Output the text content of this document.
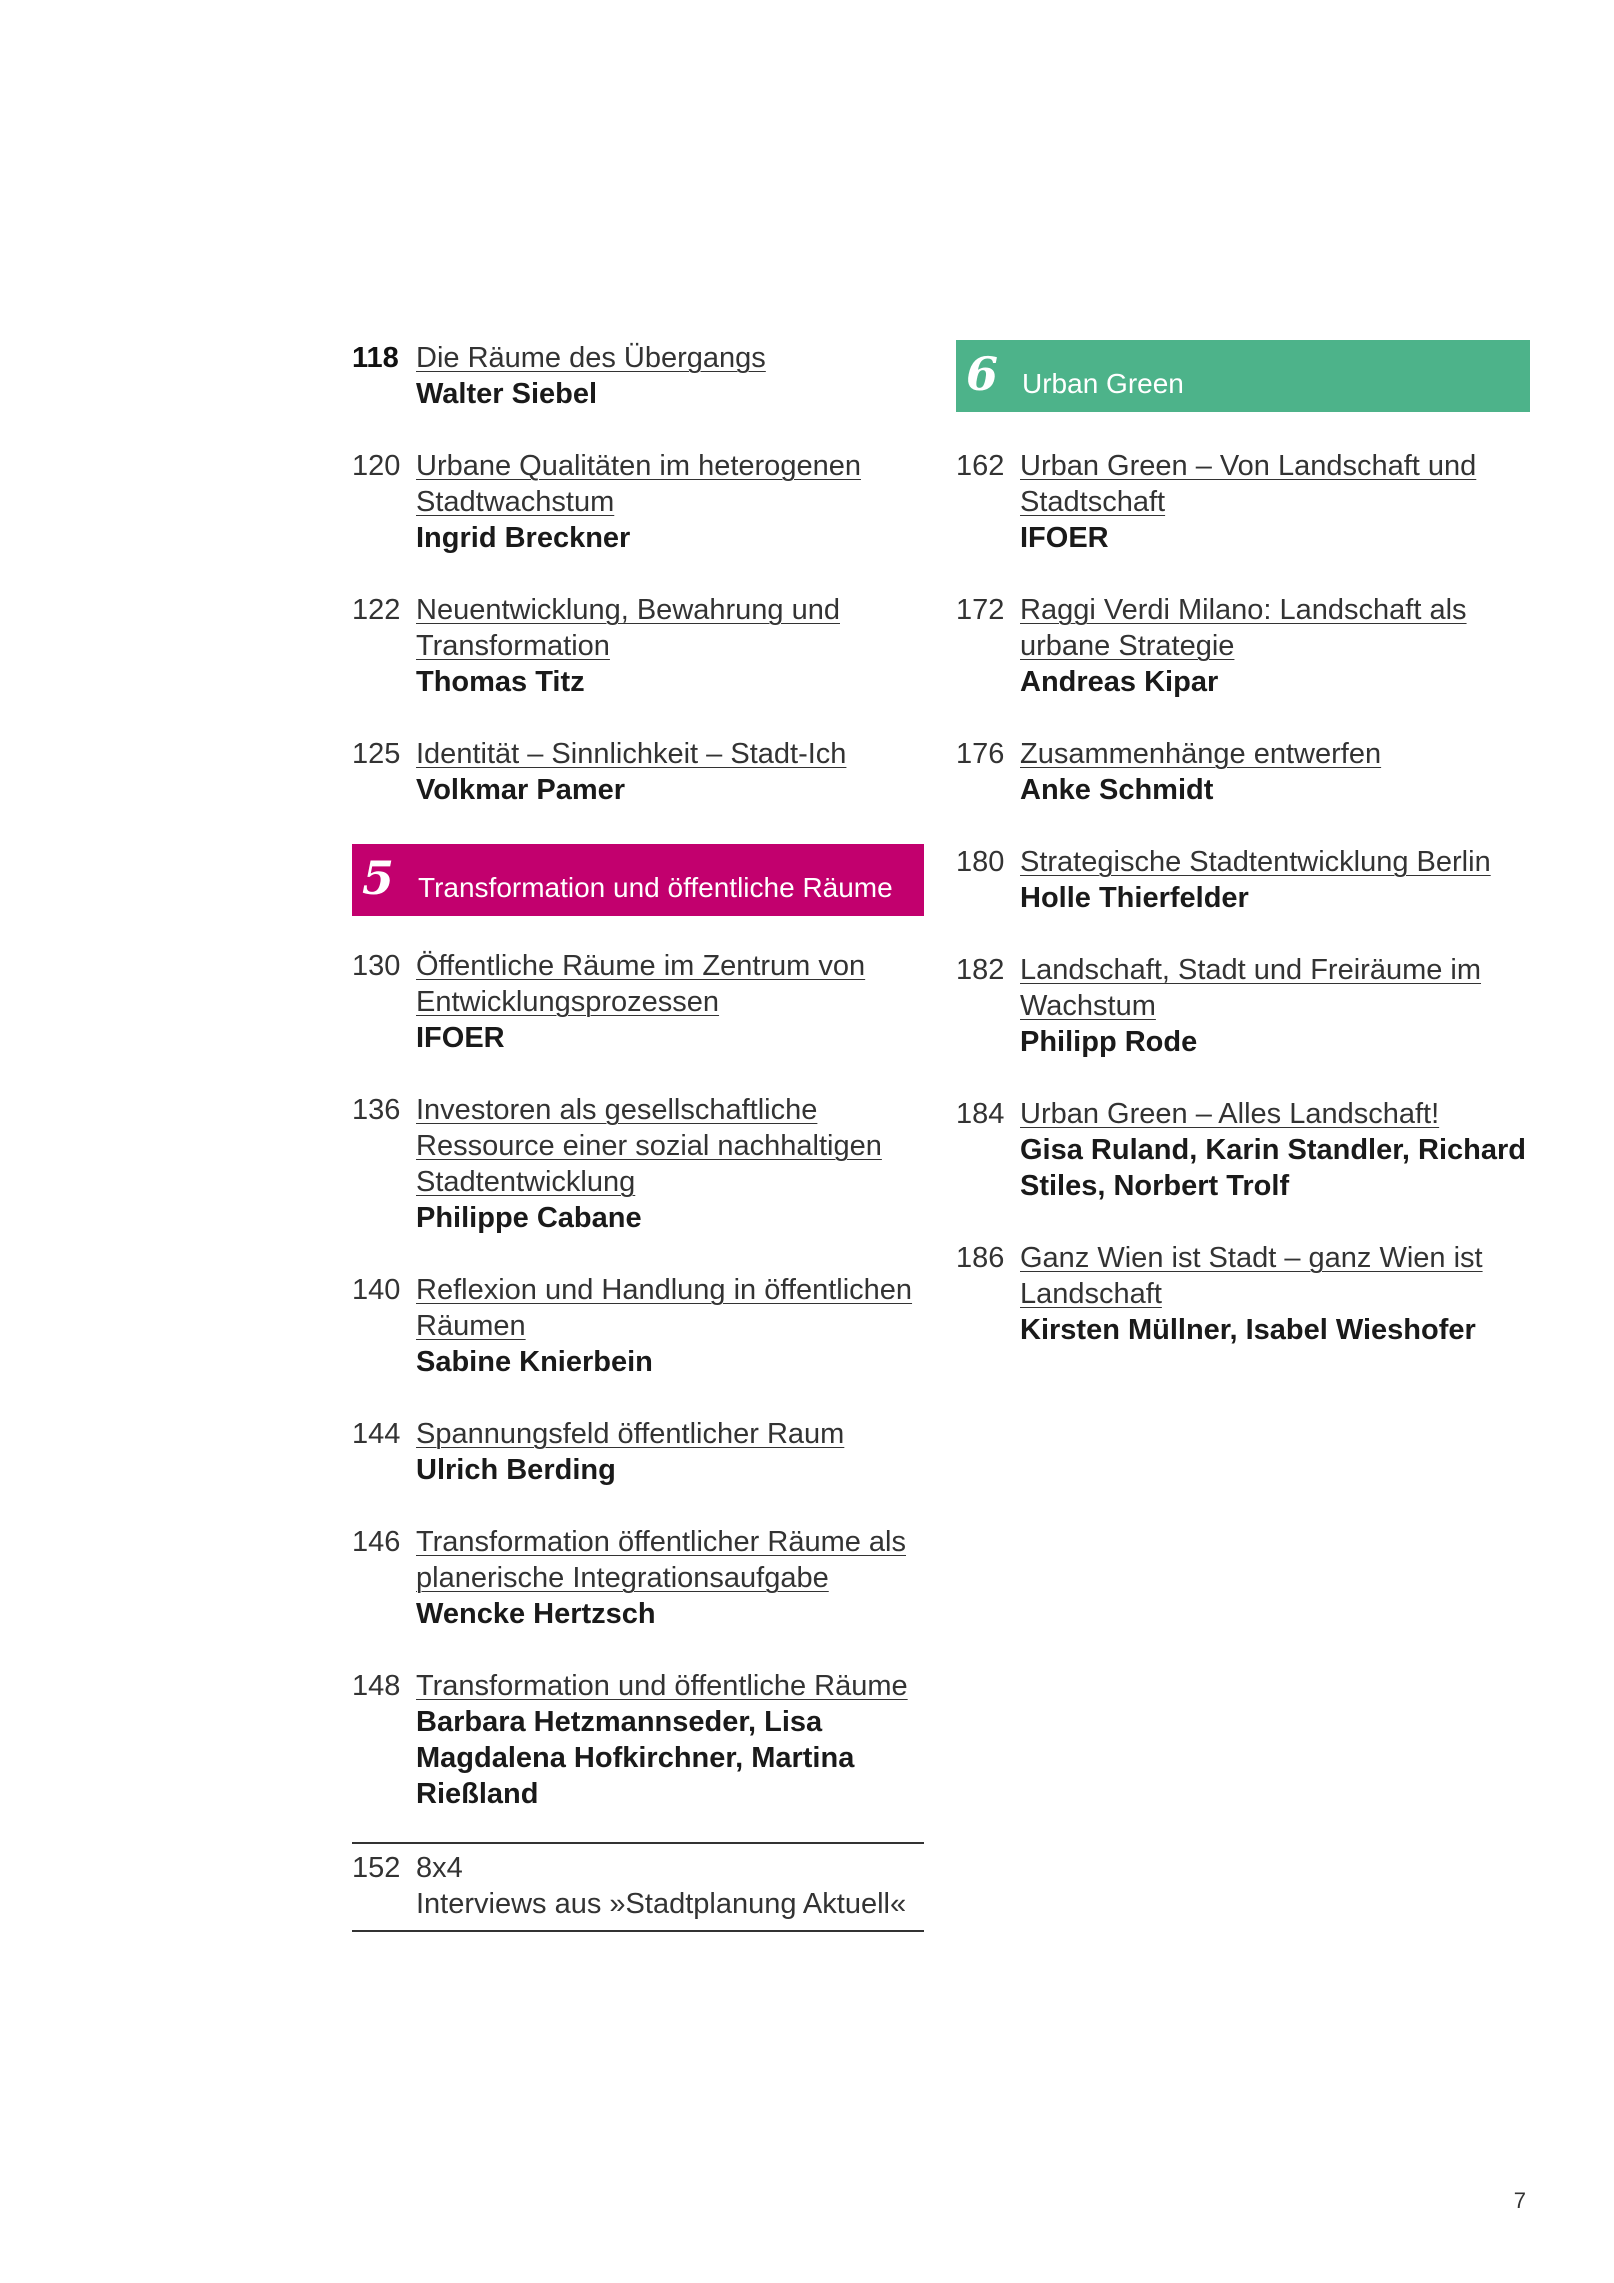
118 Die Räume des Übergangs
Walter Siebel
120 Urbane Qualitäten im heterogenen Stadtwachstum
Ingrid Breckner
122 Neuentwicklung, Bewahrung und Transformation
Thomas Titz
125 Identität – Sinnlichkeit – Stadt-Ich
Volkmar Pamer
5 Transformation und öffentliche Räume
130 Öffentliche Räume im Zentrum von Entwicklungsprozessen
IFOER
136 Investoren als gesellschaftliche Ressource einer sozial nachhaltigen Stadtentwicklung
Philippe Cabane
140 Reflexion und Handlung in öffentlichen Räumen
Sabine Knierbein
144 Spannungsfeld öffentlicher Raum
Ulrich Berding
146 Transformation öffentlicher Räume als planerische Integrationsaufgabe
Wencke Hertzsch
148 Transformation und öffentliche Räume
Barbara Hetzmannseder, Lisa Magdalena Hofkirchner, Martina Rießland
152 8x4
Interviews aus »Stadtplanung Aktuell«
6 Urban Green
162 Urban Green – Von Landschaft und Stadtschaft
IFOER
172 Raggi Verdi Milano: Landschaft als urbane Strategie
Andreas Kipar
176 Zusammenhänge entwerfen
Anke Schmidt
180 Strategische Stadtentwicklung Berlin
Holle Thierfelder
182 Landschaft, Stadt und Freiräume im Wachstum
Philipp Rode
184 Urban Green – Alles Landschaft!
Gisa Ruland, Karin Standler, Richard Stiles, Norbert Trolf
186 Ganz Wien ist Stadt – ganz Wien ist Landschaft
Kirsten Müllner, Isabel Wieshofer
7
